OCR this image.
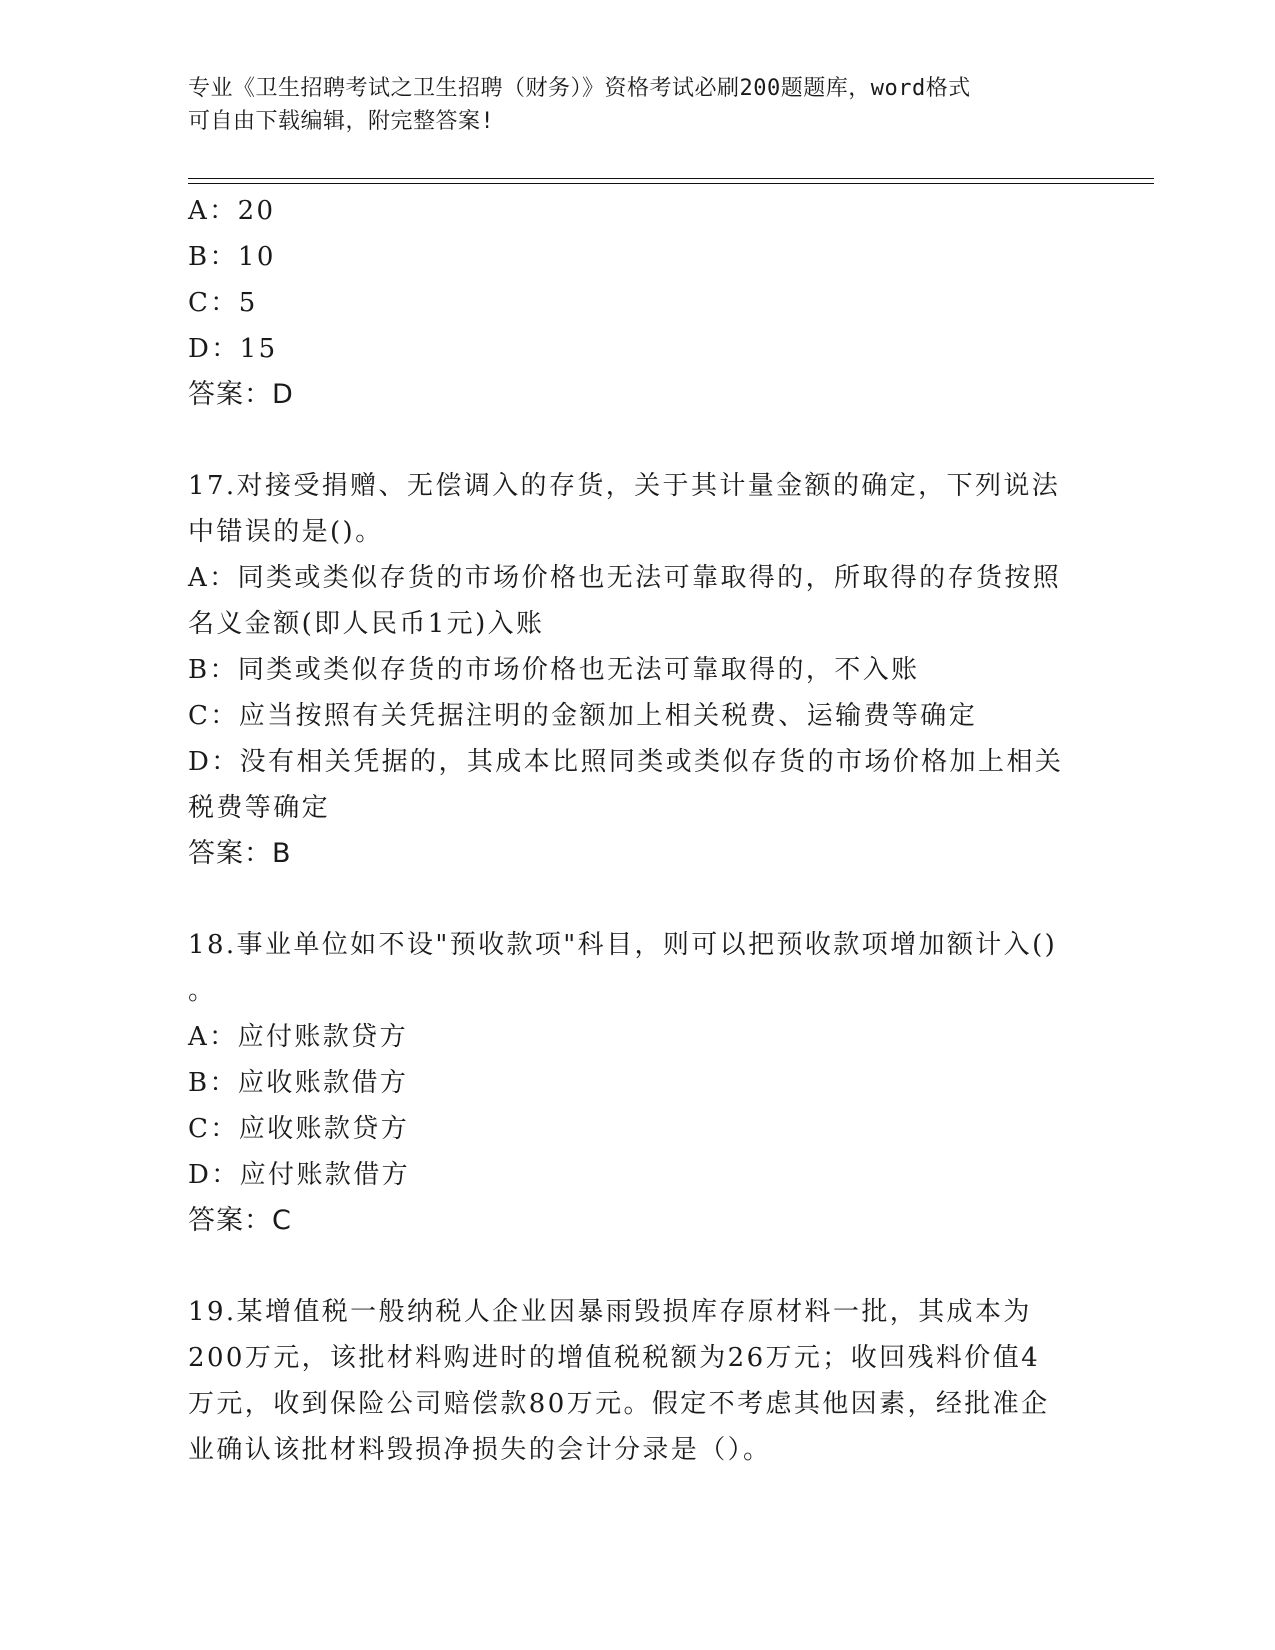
专业《卫生招聘考试之卫生招聘（财务）》资格考试必刷200题题库，word格式
可自由下载编辑，附完整答案!
A：20
B：10
C：5
D：15
答案：D
17.对接受捐赠、无偿调入的存货，关于其计量金额的确定，下列说法
中错误的是()。
A：同类或类似存货的市场价格也无法可靠取得的，所取得的存货按照
名义金额(即人民币1元)入账
B：同类或类似存货的市场价格也无法可靠取得的，不入账
C：应当按照有关凭据注明的金额加上相关税费、运输费等确定
D：没有相关凭据的，其成本比照同类或类似存货的市场价格加上相关
税费等确定
答案：B
18.事业单位如不设"预收款项"科目，则可以把预收款项增加额计入()
。
A：应付账款贷方
B：应收账款借方
C：应收账款贷方
D：应付账款借方
答案：C
19.某增值税一般纳税人企业因暴雨毁损库存原材料一批，其成本为
200万元，该批材料购进时的增值税税额为26万元；收回残料价值4
万元，收到保险公司赔偿款80万元。假定不考虑其他因素，经批准企
业确认该批材料毁损净损失的会计分录是（）。
